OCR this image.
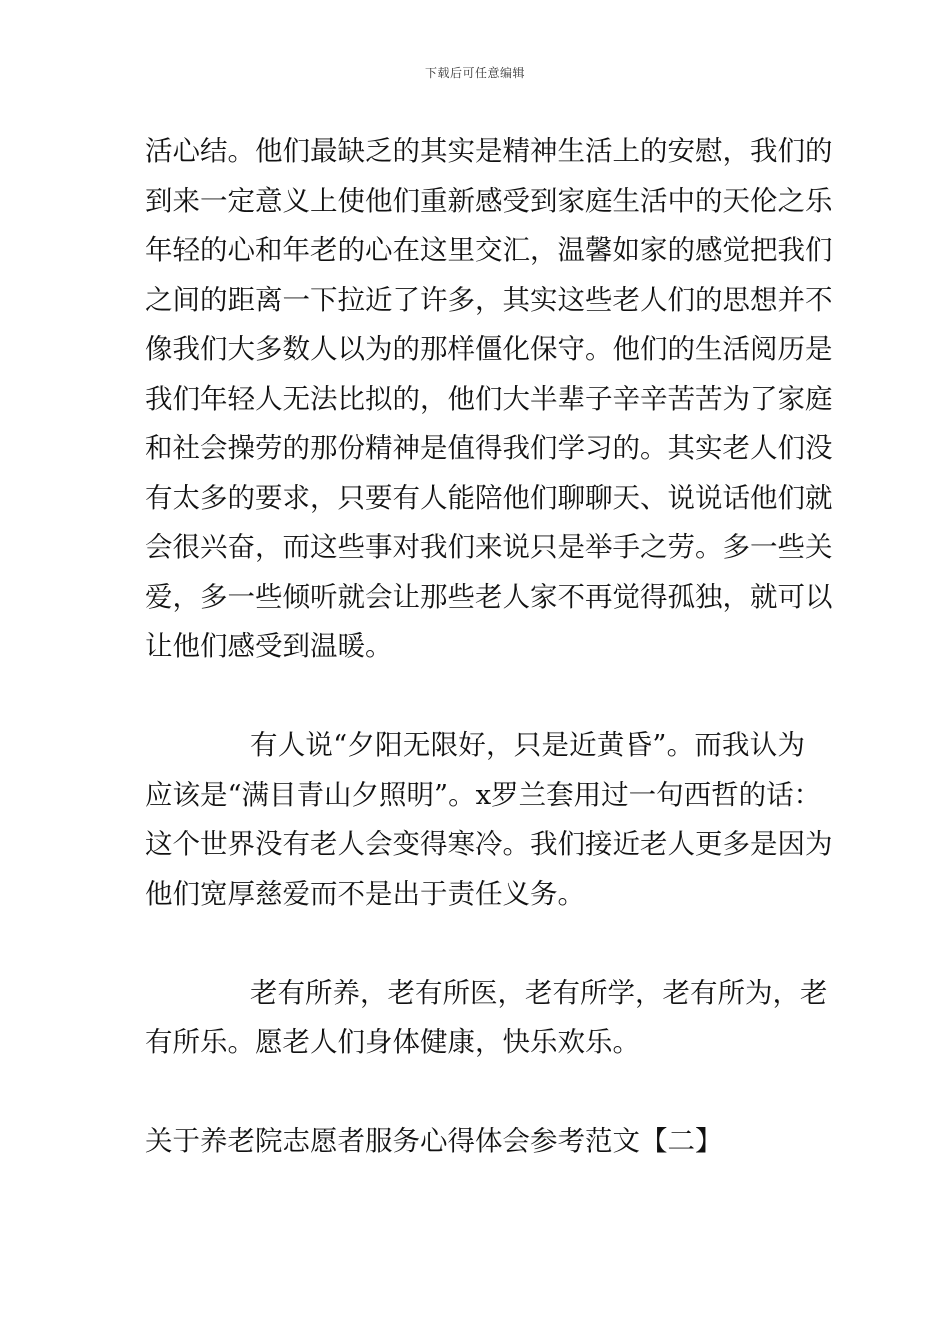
下载后可任意编辑
活心结。他们最缺乏的其实是精神生活上的安慰，我们的
到来一定意义上使他们重新感受到家庭生活中的天伦之乐
年轻的心和年老的心在这里交汇，温馨如家的感觉把我们
之间的距离一下拉近了许多，其实这些老人们的思想并不
像我们大多数人以为的那样僵化保守。他们的生活阅历是
我们年轻人无法比拟的，他们大半辈子辛辛苦苦为了家庭
和社会操劳的那份精神是值得我们学习的。其实老人们没
有太多的要求，只要有人能陪他们聊聊天、说说话他们就
会很兴奋，而这些事对我们来说只是举手之劳。多一些关
爱，多一些倾听就会让那些老人家不再觉得孤独，就可以
让他们感受到温暖。
有人说“夕阳无限好，只是近黄昏”。而我认为
应该是“满目青山夕照明”。x罗兰套用过一句西哲的话：
这个世界没有老人会变得寒冷。我们接近老人更多是因为
他们宽厚慈爱而不是出于责任义务。
老有所养，老有所医，老有所学，老有所为，老
有所乐。愿老人们身体健康，快乐欢乐。
关于养老院志愿者服务心得体会参考范文【二】
